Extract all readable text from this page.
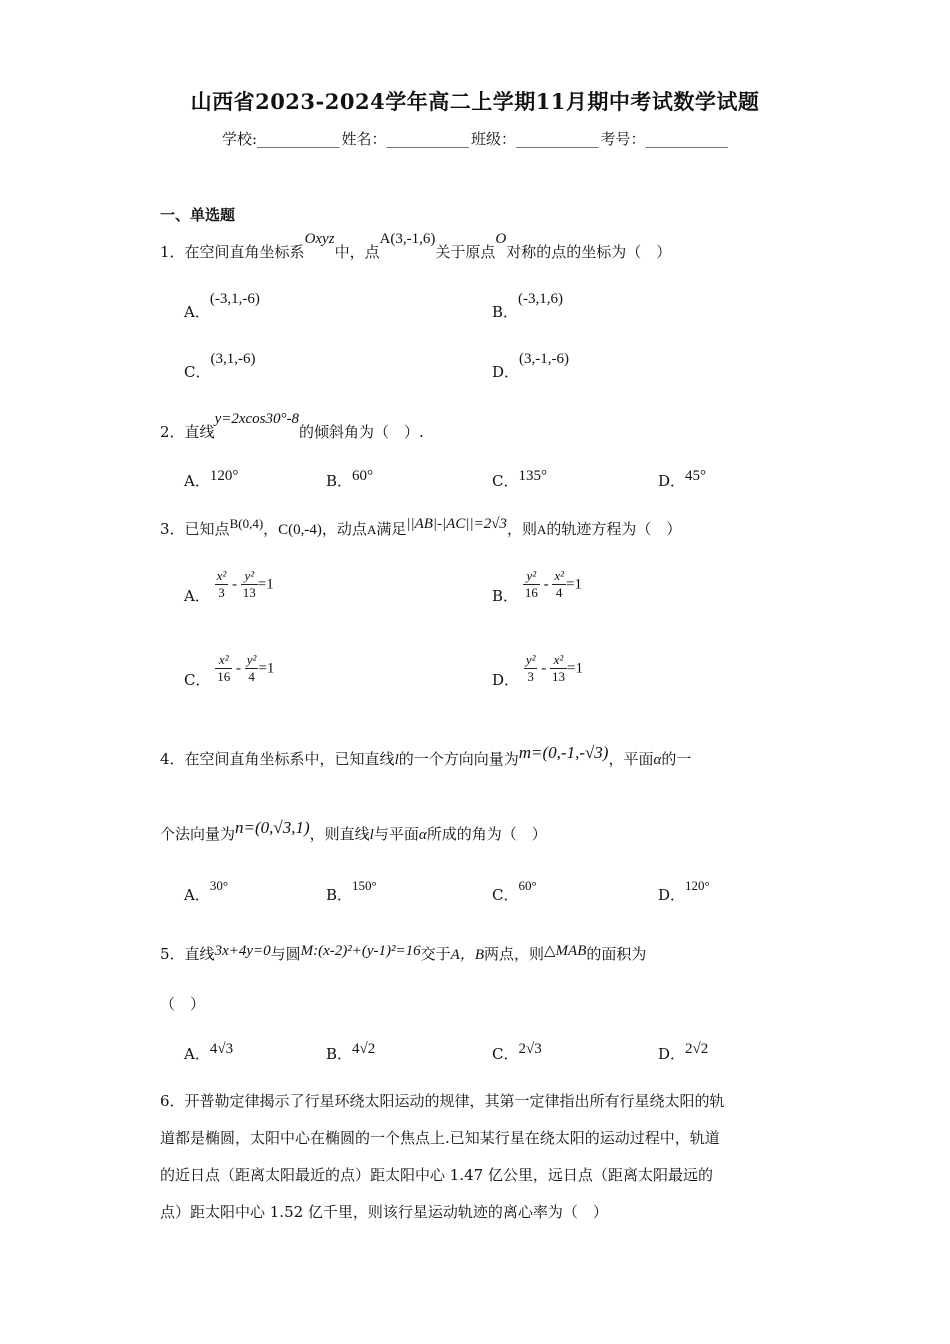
山西省2023-2024学年高二上学期11月期中考试数学试题
学校:___________ 姓名：___________ 班级：___________ 考号：___________
一、单选题
1．在空间直角坐标系Oxyz中，点A(3,-1,6)关于原点O对称的点的坐标为（　）
A．(-3,1,-6)
B．(-3,1,6)
C．(3,1,-6)
D．(3,-1,-6)
2．直线y=2xcos30°-8的倾斜角为（　）.
A．120°	B．60°	C．135°	D．45°
3．已知点B(0,4)，C(0,-4)，动点A满足||AB|-|AC||=2√3，则A的轨迹方程为（　）
A． $\frac{\text{x²}}{3} - \frac{\text{y²}}{13} =1$
B． $\frac{\text{y²}}{16} - \frac{\text{x²}}{4} =1$
C． $\frac{\text{x²}}{16} - \frac{\text{y²}}{4} =1$
D． $\frac{\text{y²}}{3} - \frac{\text{x²}}{13} =1$
4．在空间直角坐标系中，已知直线l的一个方向向量为m=(0,-1,-√3)，平面α的一
个法向量为n=(0,√3,1)，则直线l与平面α所成的角为（　）
A．30°
B．150°
C．60°
D．120°
5．直线3x+4y=0与圆M:(x-2)²+(y-1)²=16交于A，B两点，则△MAB的面积为
（　）
A．4√3	B．4√2	C．2√3	D．2√2
6．开普勒定律揭示了行星环绕太阳运动的规律，其第一定律指出所有行星绕太阳的轨
道都是椭圆，太阳中心在椭圆的一个焦点上.已知某行星在绕太阳的运动过程中，轨道
的近日点（距离太阳最近的点）距太阳中心 1.47 亿公里，远日点（距离太阳最远的
点）距太阳中心 1.52 亿千里，则该行星运动轨迹的离心率为（　）
